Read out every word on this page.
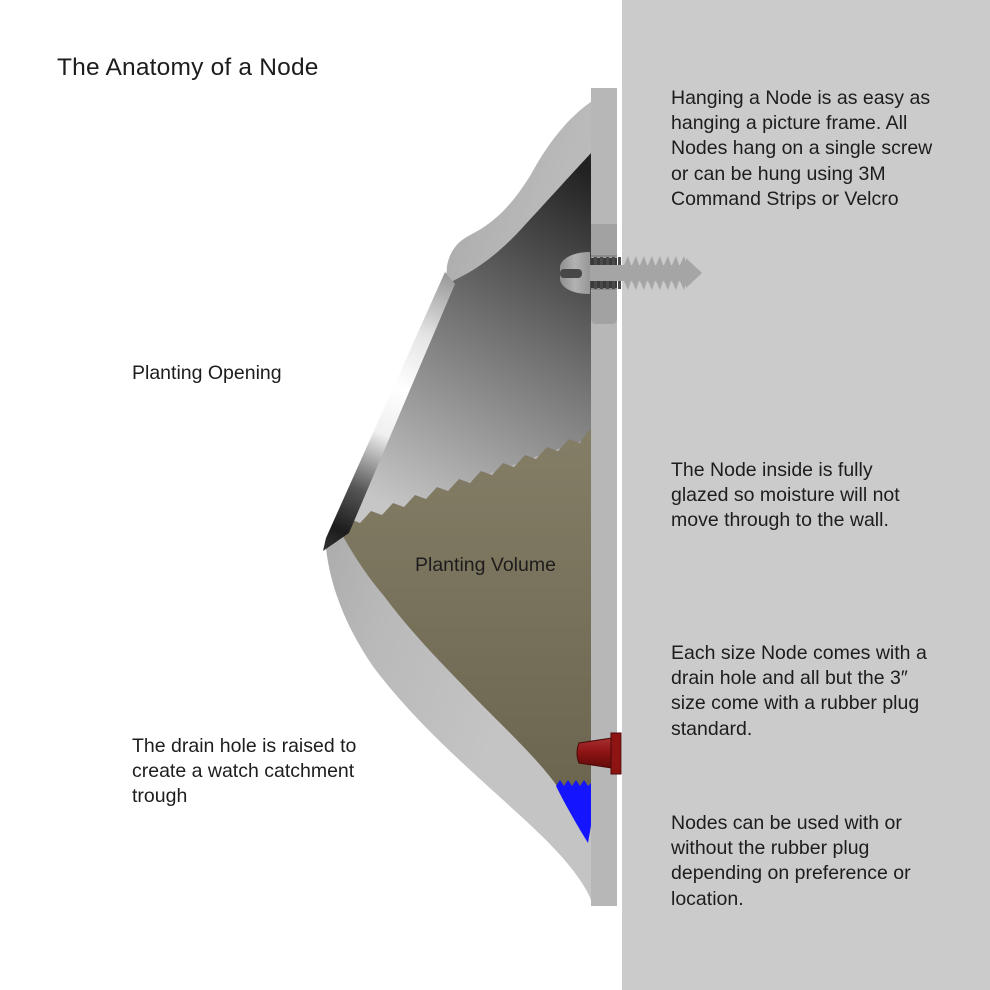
The Anatomy of a Node
Planting Opening
Planting Volume
The drain hole is raised to
create a watch catchment
trough
Hanging a Node is as easy as
hanging a picture frame. All
Nodes hang on a single screw
or can be hung using 3M
Command Strips or Velcro
The Node inside is fully
glazed so moisture will not
move through to the wall.
Each size Node comes with a
drain hole and all but the 3″
size come with a rubber plug
standard.
Nodes can be used with or
without the rubber plug
depending on preference or
location.
